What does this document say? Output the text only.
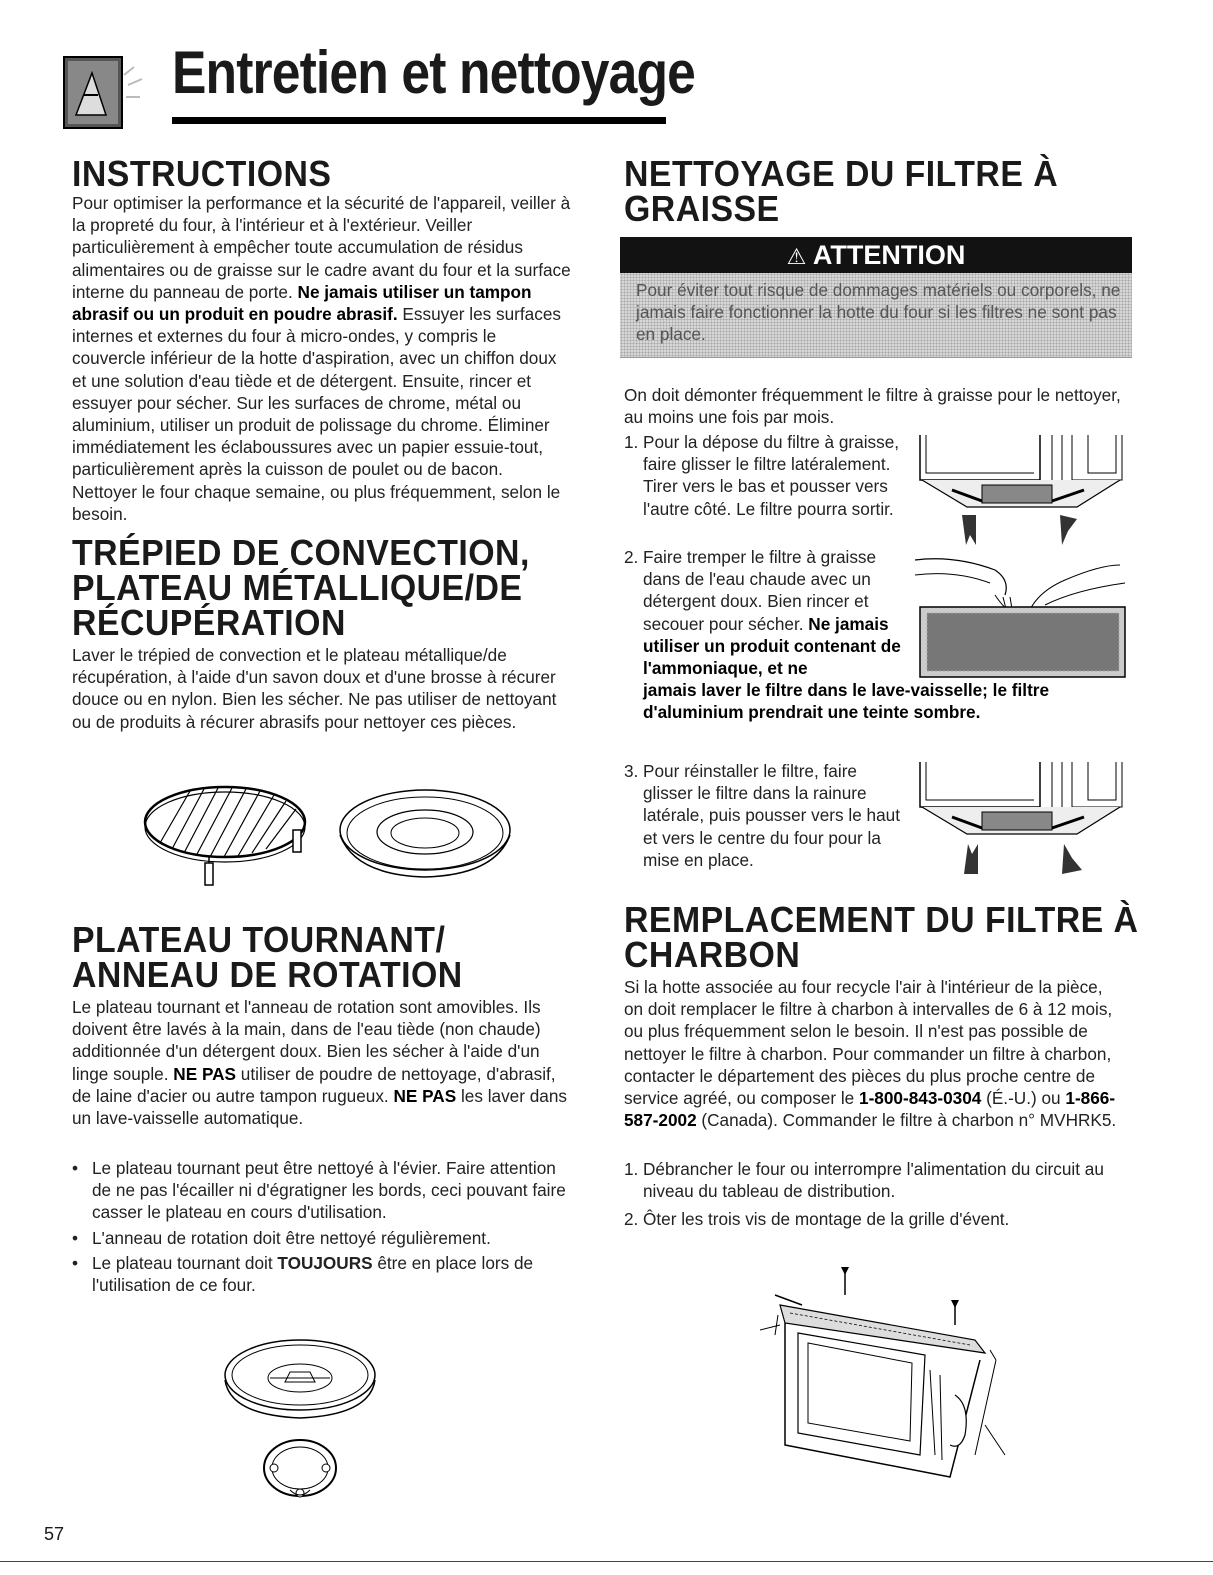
Entretien et nettoyage
INSTRUCTIONS
Pour optimiser la performance et la sécurité de l'appareil, veiller à la propreté du four, à l'intérieur et à l'extérieur. Veiller particulièrement à empêcher toute accumulation de résidus alimentaires ou de graisse sur le cadre avant du four et la surface interne du panneau de porte. Ne jamais utiliser un tampon abrasif ou un produit en poudre abrasif. Essuyer les surfaces internes et externes du four à micro-ondes, y compris le couvercle inférieur de la hotte d'aspiration, avec un chiffon doux et une solution d'eau tiède et de détergent. Ensuite, rincer et essuyer pour sécher. Sur les surfaces de chrome, métal ou aluminium, utiliser un produit de polissage du chrome. Éliminer immédiatement les éclaboussures avec un papier essuie-tout, particulièrement après la cuisson de poulet ou de bacon. Nettoyer le four chaque semaine, ou plus fréquemment, selon le besoin.
TRÉPIED DE CONVECTION,
PLATEAU MÉTALLIQUE/DE
RÉCUPÉRATION
Laver le trépied de convection et le plateau métallique/de récupération, à l'aide d'un savon doux et d'une brosse à récurer douce ou en nylon. Bien les sécher. Ne pas utiliser de nettoyant ou de produits à récurer abrasifs pour nettoyer ces pièces.
PLATEAU TOURNANT/
ANNEAU DE ROTATION
Le plateau tournant et l'anneau de rotation sont amovibles. Ils doivent être lavés à la main, dans de l'eau tiède (non chaude) additionnée d'un détergent doux. Bien les sécher à l'aide d'un linge souple. NE PAS utiliser de poudre de nettoyage, d'abrasif, de laine d'acier ou autre tampon rugueux. NE PAS les laver dans un lave-vaisselle automatique.
• Le plateau tournant peut être nettoyé à l'évier. Faire attention de ne pas l'écailler ni d'égratigner les bords, ceci pouvant faire casser le plateau en cours d'utilisation.
• L'anneau de rotation doit être nettoyé régulièrement.
• Le plateau tournant doit TOUJOURS être en place lors de l'utilisation de ce four.
57
NETTOYAGE DU FILTRE À
GRAISSE
⚠ ATTENTION
Pour éviter tout risque de dommages matériels ou corporels, ne jamais faire fonctionner la hotte du four si les filtres ne sont pas en place.
On doit démonter fréquemment le filtre à graisse pour le nettoyer, au moins une fois par mois.
1. Pour la dépose du filtre à graisse, faire glisser le filtre latéralement. Tirer vers le bas et pousser vers l'autre côté. Le filtre pourra sortir.
2. Faire tremper le filtre à graisse dans de l'eau chaude avec un détergent doux. Bien rincer et secouer pour sécher. Ne jamais utiliser un produit contenant de l'ammoniaque, et ne
jamais laver le filtre dans le lave-vaisselle; le filtre d'aluminium prendrait une teinte sombre.
3. Pour réinstaller le filtre, faire glisser le filtre dans la rainure latérale, puis pousser vers le haut et vers le centre du four pour la mise en place.
REMPLACEMENT DU FILTRE À
CHARBON
Si la hotte associée au four recycle l'air à l'intérieur de la pièce, on doit remplacer le filtre à charbon à intervalles de 6 à 12 mois, ou plus fréquemment selon le besoin. Il n'est pas possible de nettoyer le filtre à charbon. Pour commander un filtre à charbon, contacter le département des pièces du plus proche centre de service agréé, ou composer le 1-800-843-0304 (É.-U.) ou 1-866-587-2002 (Canada). Commander le filtre à charbon n° MVHRK5.
1. Débrancher le four ou interrompre l'alimentation du circuit au niveau du tableau de distribution.
2. Ôter les trois vis de montage de la grille d'évent.
